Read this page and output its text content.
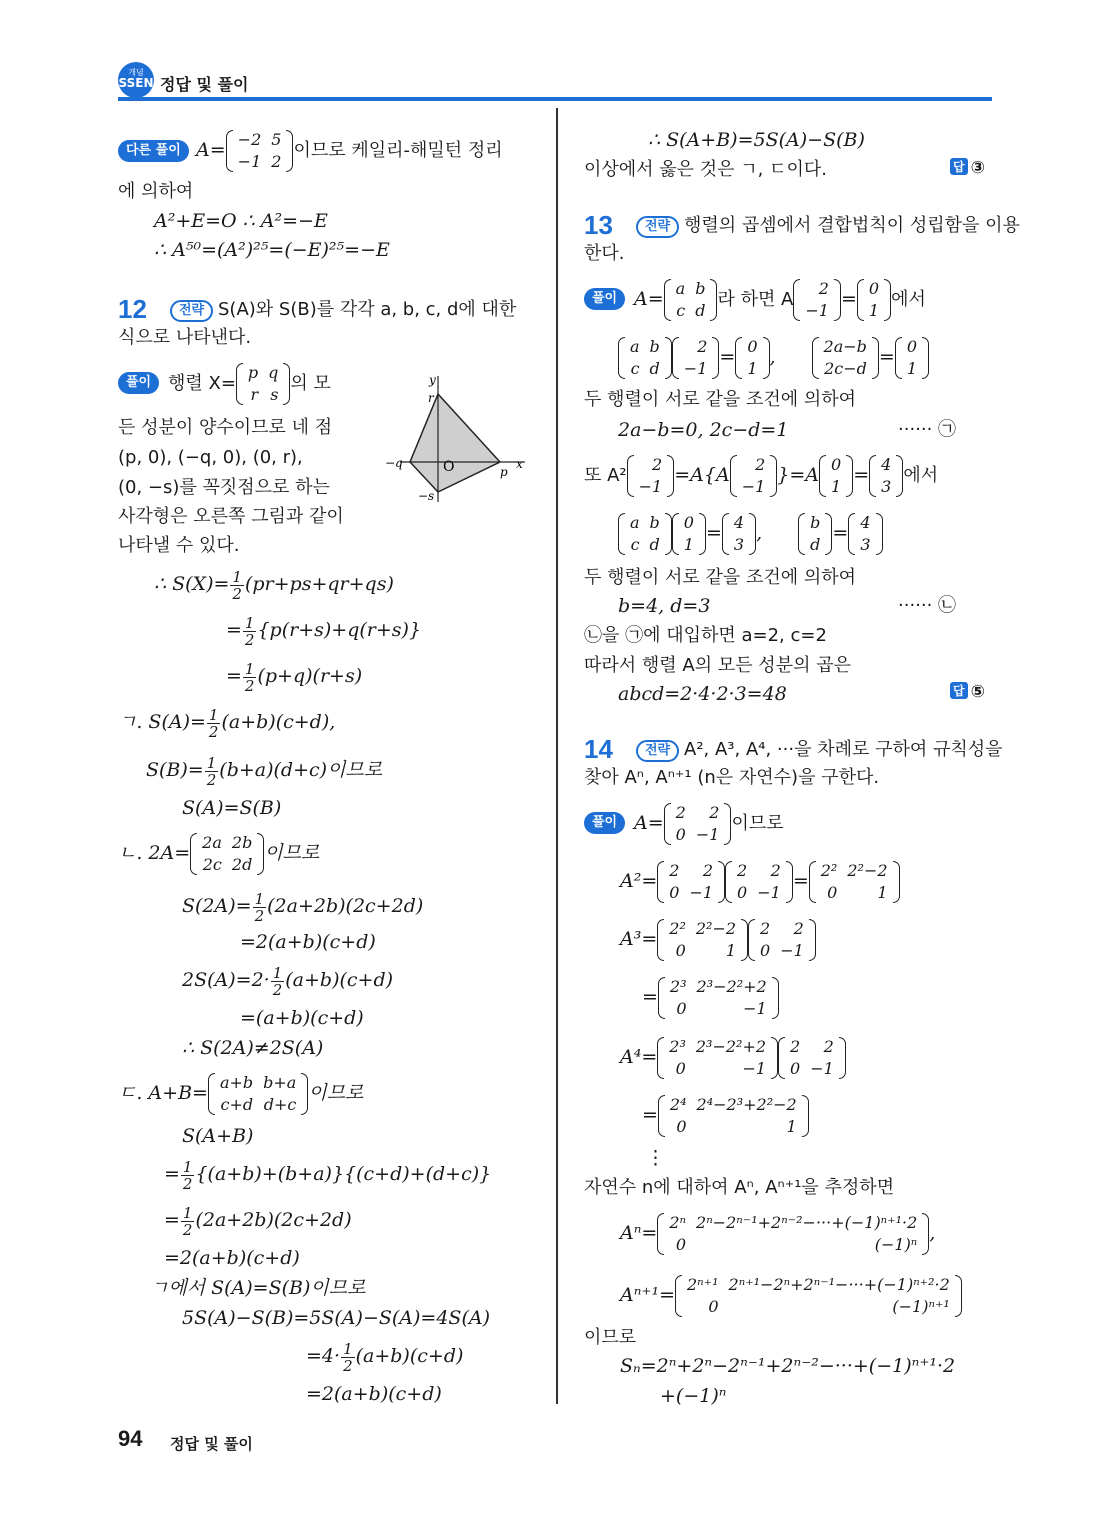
개념
SSEN 정답 및 풀이
다른 풀이 A= −2	5
−1	2
이므로 케일리-해밀턴 정리
에 의하여
A²+E=O ∴ A²=−E
∴ A⁵⁰=(A²)²⁵=(−E)²⁵=−E
12	전략 S(A)와 S(B)를 각각 a, b, c, d에 대한
식으로 나타낸다.
풀이 행렬 X=
p	q
r	s
의 모
든 성분이 양수이므로 네 점
(p, 0), (−q, 0), (0, r),
(0, −s)를 꼭짓점으로 하는
사각형은 오른쪽 그림과 같이
나타낼 수 있다.
y
r
−q	O	p
x
−s
∴ $S(X)= \frac{1}{2} (pr+ps+qr+qs)$
= $\frac{1}{2} \{p(r+s)+q(r+s)\}$
= $\frac{1}{2} (p+q)(r+s)$
ㄱ. $S(A)= \frac{1}{2} (a+b)(c+d)$,
$S(B)= \frac{1}{2} (b+a)(d+c)$이므로
S(A)=S(B)
ㄴ. 2A= 2a	2b
2c	2d
이므로
$S(2A)= \frac{1}{2} (2a+2b)(2c+2d)$
=2(a+b)(c+d)
$2S(A)=2\cdot \frac{1}{2} (a+b)(c+d)$
=(a+b)(c+d)
∴ S(2A)≠2S(A)
ㄷ. A+B= a+b	b+a
c+d	d+c
이므로
S(A+B)
= $\frac{1}{2} \{(a+b)+(b+a)\}\{(c+d)+(d+c)\}$
= $\frac{1}{2} (2a+2b)(2c+2d)$
=2(a+b)(c+d)
ㄱ에서 S(A)=S(B)이므로
5S(A)−S(B)=5S(A)−S(A)=4S(A)
$=4\cdot \frac{1}{2} (a+b)(c+d)$
=2(a+b)(c+d)
∴ S(A+B)=5S(A)−S(B)
이상에서 옳은 것은 ㄱ, ㄷ이다.	답 ③
13	전략 행렬의 곱셈에서 결합법칙이 성립함을 이용
한다.
풀이 A= a	b
c	d
라 하면 A
2
−1
= 0
1
에서
a	b
c	d
2
−1
= 0
1
,	2a−b
2c−d
= 0
1
두 행렬이 서로 같을 조건에 의하여
2a−b=0, 2c−d=1	······ ㉠
또 A²
2
−1
=A{A 2
−1
}=A 0
1
= 4
3
에서
a	b
c	d
0
1
= 4
3
,	b
d
= 4
3
두 행렬이 서로 같을 조건에 의하여
b=4, d=3	······ ㉡
㉡을 ㉠에 대입하면 a=2, c=2
따라서 행렬 A의 모든 성분의 곱은
abcd=2·4·2·3=48	답 ⑤
14	전략 A², A³, A⁴, ···을 차례로 구하여 규칙성을
찾아 Aⁿ, Aⁿ⁺¹ (n은 자연수)을 구한다.
풀이 A= 2	2
0	−1
이므로
A²= 2	2
0	−1
2	2
0	−1
= 2²	2²−2
0	1
A³= 2²	2²−2
0	1
2	2
0	−1
= 2³	2³−2²+2
0	−1
A⁴= 2³	2³−2²+2
0	−1
2	2
0	−1
= 2⁴	2⁴−2³+2²−2
0	1
⋮
자연수 n에 대하여 Aⁿ, Aⁿ⁺¹을 추정하면
Aⁿ= 2ⁿ	2ⁿ−2ⁿ⁻¹+2ⁿ⁻²−···+(−1)ⁿ⁺¹·2
0	(−1)ⁿ
,
Aⁿ⁺¹= 2ⁿ⁺¹	2ⁿ⁺¹−2ⁿ+2ⁿ⁻¹−···+(−1)ⁿ⁺²·2
0	(−1)ⁿ⁺¹
이므로
Sₙ=2ⁿ+2ⁿ−2ⁿ⁻¹+2ⁿ⁻²−···+(−1)ⁿ⁺¹·2
+(−1)ⁿ
94 정답 및 풀이
